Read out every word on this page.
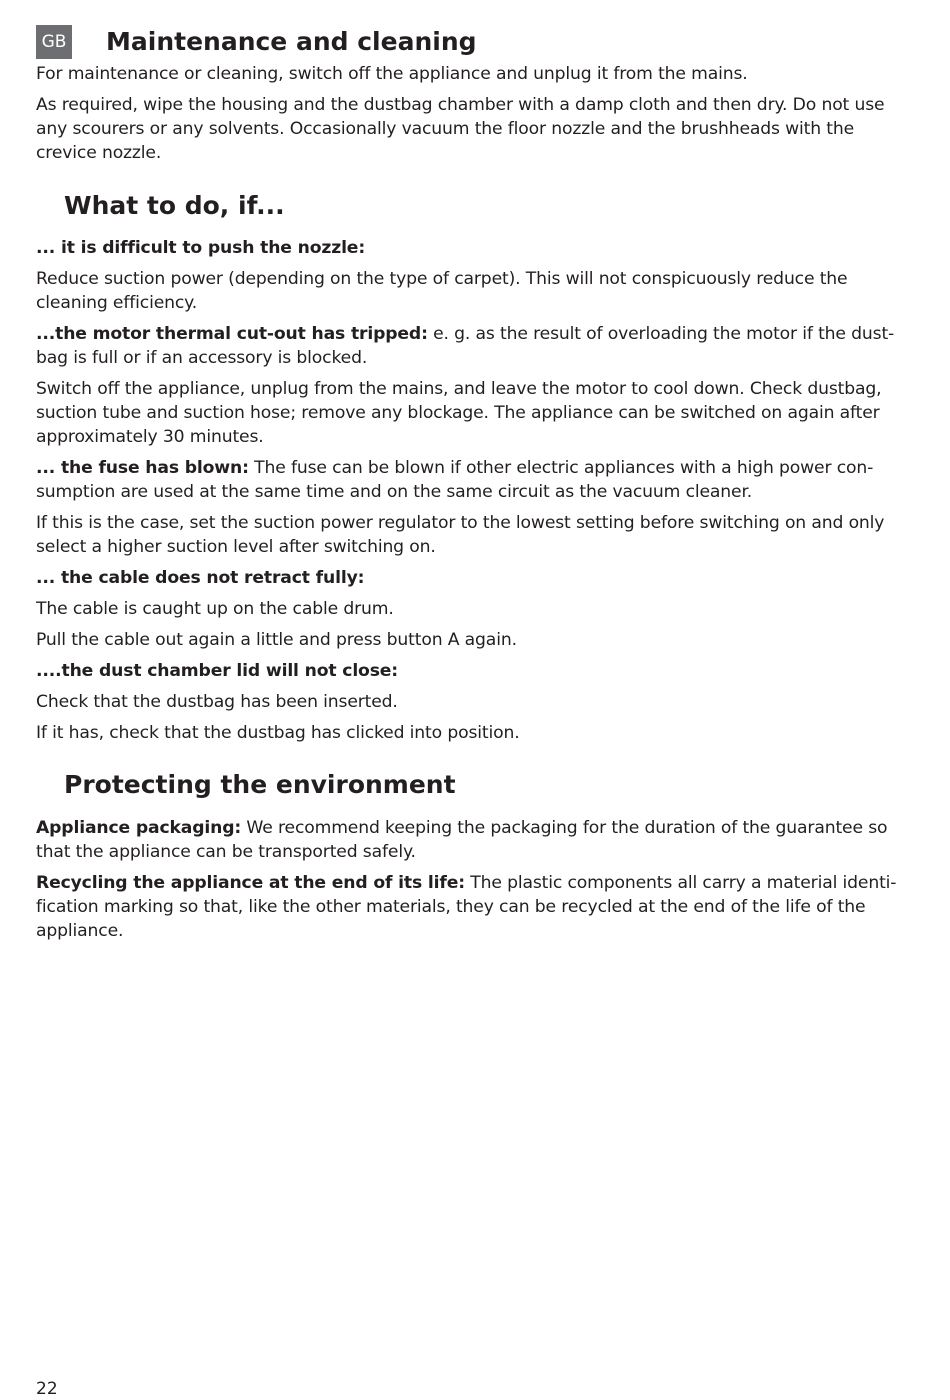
GB Maintenance and cleaning

For maintenance or cleaning, switch off the appliance and unplug it from the mains.

As required, wipe the housing and the dustbag chamber with a damp cloth and then dry. Do not use any scourers or any solvents. Occasionally vacuum the floor nozzle and the brushheads with the crevice nozzle.

What to do, if...

... it is difficult to push the nozzle:

Reduce suction power (depending on the type of carpet). This will not conspicuously reduce the cleaning efficiency.

...the motor thermal cut-out has tripped: e. g. as the result of overloading the motor if the dust-bag is full or if an accessory is blocked.

Switch off the appliance, unplug from the mains, and leave the motor to cool down. Check dustbag, suction tube and suction hose; remove any blockage. The appliance can be switched on again after approximately 30 minutes.

... the fuse has blown: The fuse can be blown if other electric appliances with a high power con-sumption are used at the same time and on the same circuit as the vacuum cleaner.

If this is the case, set the suction power regulator to the lowest setting before switching on and only select a higher suction level after switching on.

... the cable does not retract fully:

The cable is caught up on the cable drum.

Pull the cable out again a little and press button A again.

....the dust chamber lid will not close:

Check that the dustbag has been inserted.

If it has, check that the dustbag has clicked into position.

Protecting the environment

Appliance packaging: We recommend keeping the packaging for the duration of the guarantee so that the appliance can be transported safely.

Recycling the appliance at the end of its life: The plastic components all carry a material identi-fication marking so that, like the other materials, they can be recycled at the end of the life of the appliance.

22
